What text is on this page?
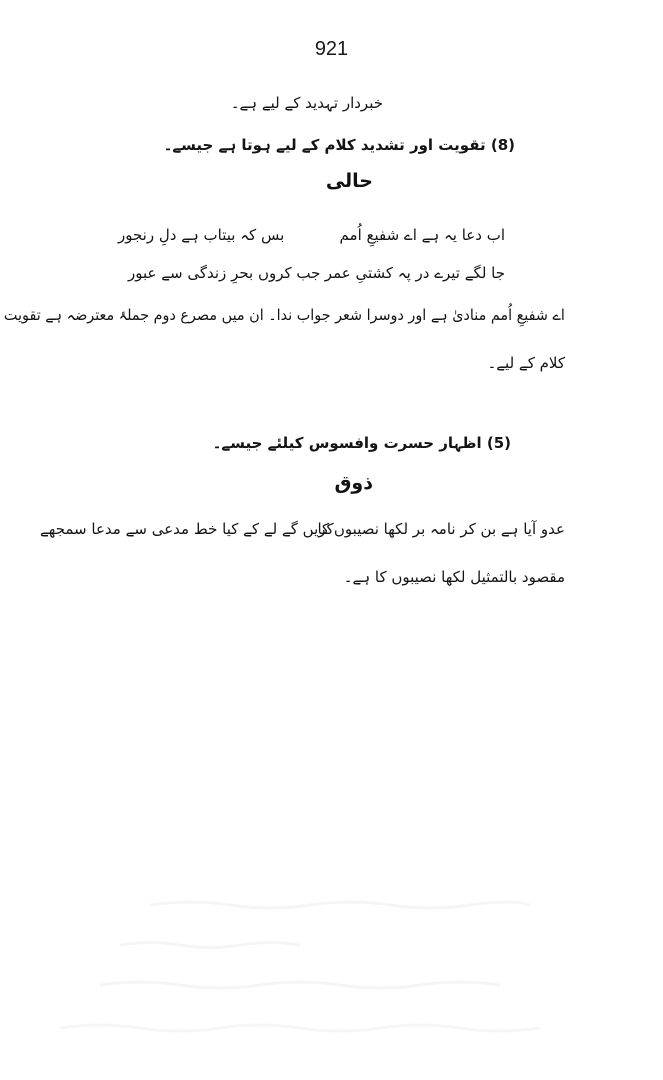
921
خبردار تہدید کے لیے ہے۔
(8) تقویت اور تشدید کلام کے لیے ہوتا ہے جیسے۔
حالی
اب دعا یہ ہے اے شفیعِ اُمم
بس کہ بیتاب ہے دلِ رنجور
جا لگے تیرے در پہ کشتیِ عمر
جب کروں بحرِ زندگی سے عبور
اے شفیعِ اُمم منادیٰ ہے اور دوسرا شعر جواب ندا۔ ان میں مصرع دوم جملۂ معترضہ ہے تقویت
کلام کے لیے۔
(5) اظہار حسرت وافسوس کیلئے جیسے۔
ذوق
عدو آیا ہے بن کر نامہ بر لکھا نصیبوں کا
کریں گے لے کے کیا خط مدعی سے مدعا سمجھے
مقصود بالتمثیل لکھا نصیبوں کا ہے۔
